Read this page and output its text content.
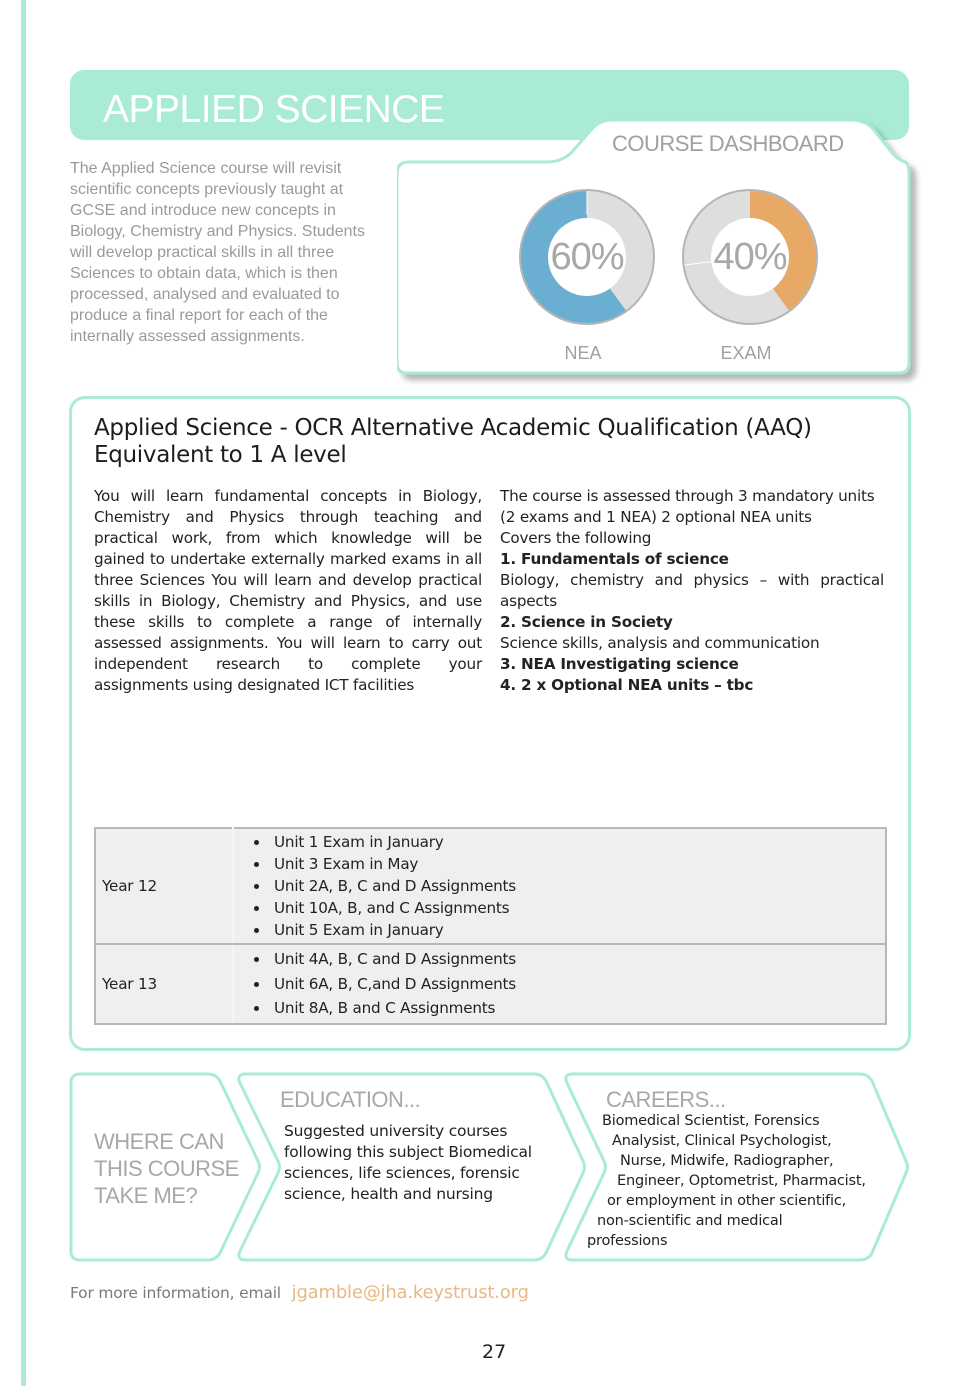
APPLIED SCIENCE
The Applied Science course will revisit scientific concepts previously taught at GCSE and introduce new concepts in Biology, Chemistry and Physics. Students will develop practical skills in all three Sciences to obtain data, which is then processed, analysed and evaluated to produce a final report for each of the internally assessed assignments.
COURSE DASHBOARD
60%
NEA
40%
EXAM
Applied Science - OCR Alternative Academic Qualification (AAQ)
Equivalent to 1 A level
You will learn fundamental concepts in Biology, Chemistry and Physics through teaching and practical work, from which knowledge will be gained to undertake externally marked exams in all three Sciences You will learn and develop practical skills in Biology, Chemistry and Physics, and use these skills to complete a range of internally assessed assignments. You will learn to carry out independent research to complete your assignments using designated ICT facilities

The course is assessed through 3 mandatory units (2 exams and 1 NEA) 2 optional NEA units

Covers the following

1. Fundamentals of science

Biology, chemistry and physics – with practical aspects

2. Science in Society

Science skills, analysis and communication

3. NEA Investigating science

4. 2 x Optional NEA units – tbc

Year 12	
Unit 1 Exam in January
Unit 3 Exam in May
Unit 2A, B, C and D Assignments
Unit 10A, B, and C Assignments
Unit 5 Exam in January

Year 13	
Unit 4A, B, C and D Assignments
Unit 6A, B, C,and D Assignments
Unit 8A, B and C Assignments
WHERE CAN
THIS COURSE
TAKE ME?
EDUCATION...
Suggested university courses following this subject Biomedical sciences, life sciences, forensic science, health and nursing
CAREERS...
Biomedical Scientist, Forensics
Analysist, Clinical Psychologist,
Nurse, Midwife, Radiographer,
Engineer, Optometrist, Pharmacist,
or employment in other scientific,
non-scientific and medical
professions
For more information, email jgamble@jha.keystrust.org
27
